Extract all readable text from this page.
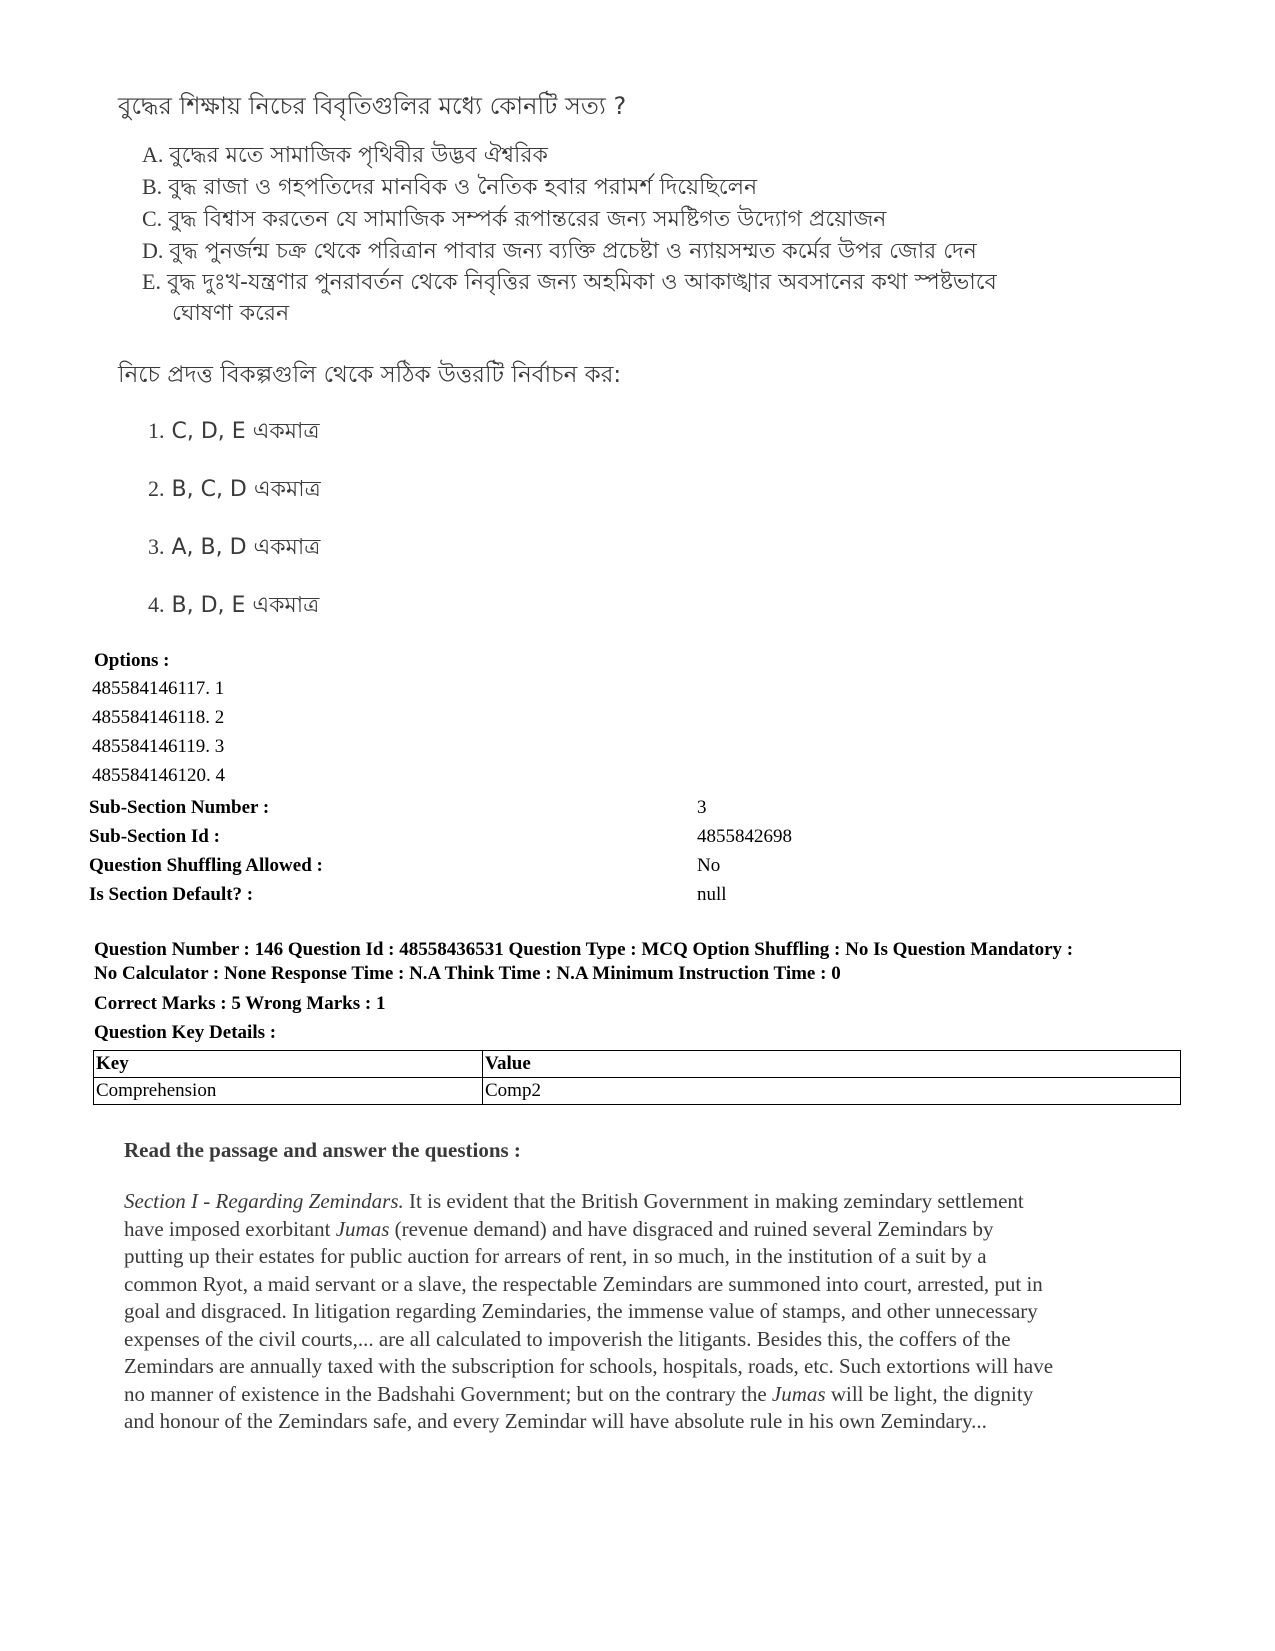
বুদ্ধের শিক্ষায় নিচের বিবৃতিগুলির মধ্যে কোনটি সত্য ?
A. বুদ্ধের মতে সামাজিক পৃথিবীর উদ্ভব ঐশ্বরিক
B. বুদ্ধ রাজা ও গহপতিদের মানবিক ও নৈতিক হবার পরামর্শ দিয়েছিলেন
C. বুদ্ধ বিশ্বাস করতেন যে সামাজিক সম্পর্ক রূপান্তরের জন্য সমষ্টিগত উদ্যোগ প্রয়োজন
D. বুদ্ধ পুনর্জন্ম চক্র থেকে পরিত্রান পাবার জন্য ব্যক্তি প্রচেষ্টা ও ন্যায়সম্মত কর্মের উপর জোর দেন
E. বুদ্ধ দুঃখ-যন্ত্রণার পুনরাবর্তন থেকে নিবৃত্তির জন্য অহমিকা ও আকাঙ্খার অবসানের কথা স্পষ্টভাবে
ঘোষণা করেন
নিচে প্রদত্ত বিকল্পগুলি থেকে সঠিক উত্তরটি নির্বাচন কর:
1. C, D, E একমাত্র
2. B, C, D একমাত্র
3. A, B, D একমাত্র
4. B, D, E একমাত্র
Options :
485584146117. 1
485584146118. 2
485584146119. 3
485584146120. 4
Sub-Section Number :	3
Sub-Section Id :	4855842698
Question Shuffling Allowed :	No
Is Section Default? :	null
Question Number : 146 Question Id : 48558436531 Question Type : MCQ Option Shuffling : No Is Question Mandatory :
No Calculator : None Response Time : N.A Think Time : N.A Minimum Instruction Time : 0
Correct Marks : 5 Wrong Marks : 1
Question Key Details :
Key	Value
Comprehension	Comp2
Read the passage and answer the questions :
Section I - Regarding Zemindars. It is evident that the British Government in making zemindary settlement
have imposed exorbitant Jumas (revenue demand) and have disgraced and ruined several Zemindars by
putting up their estates for public auction for arrears of rent, in so much, in the institution of a suit by a
common Ryot, a maid servant or a slave, the respectable Zemindars are summoned into court, arrested, put in
goal and disgraced. In litigation regarding Zemindaries, the immense value of stamps, and other unnecessary
expenses of the civil courts,... are all calculated to impoverish the litigants. Besides this, the coffers of the
Zemindars are annually taxed with the subscription for schools, hospitals, roads, etc. Such extortions will have
no manner of existence in the Badshahi Government; but on the contrary the Jumas will be light, the dignity
and honour of the Zemindars safe, and every Zemindar will have absolute rule in his own Zemindary...
